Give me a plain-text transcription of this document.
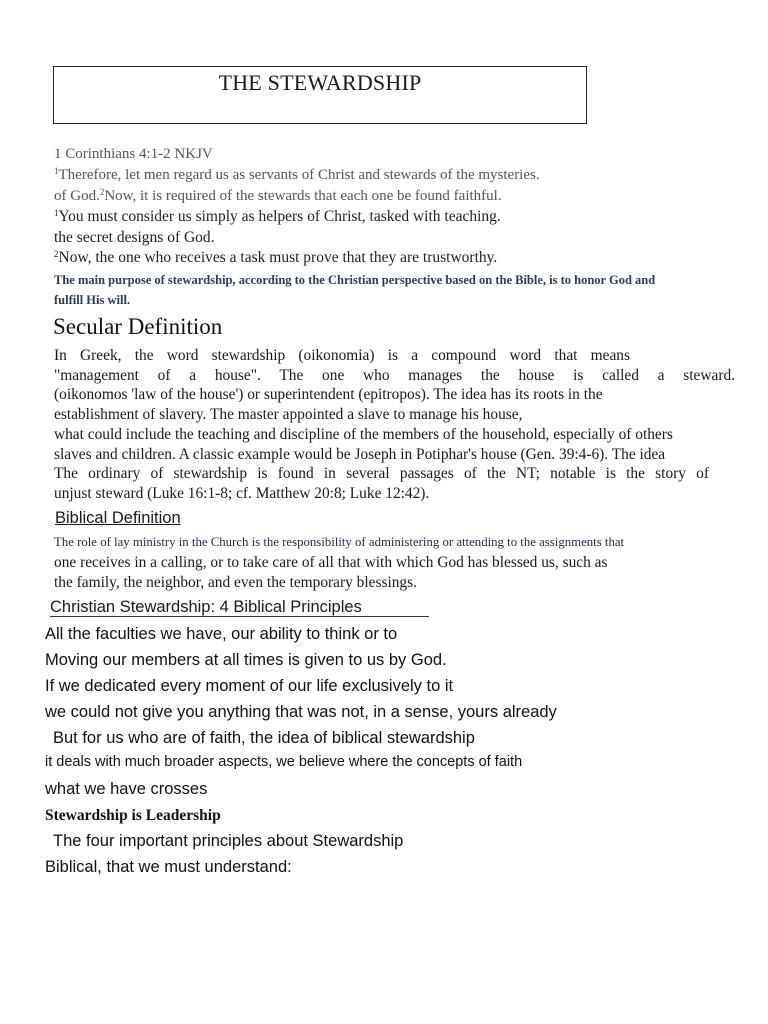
THE STEWARDSHIP
1 Corinthians 4:1-2 NKJV
$^1$Therefore, let men regard us as servants of Christ and stewards of the mysteries.
of God.$^2$Now, it is required of the stewards that each one be found faithful.
$^1$You must consider us simply as helpers of Christ, tasked with teaching.
the secret designs of God.
$^2$Now, the one who receives a task must prove that they are trustworthy.
The main purpose of stewardship, according to the Christian perspective based on the Bible, is to honor God and
fulfill His will.
Secular Definition
In Greek, the word stewardship (oikonomia) is a compound word that means
"management of a house". The one who manages the house is called a steward.
(oikonomos 'law of the house') or superintendent (epitropos). The idea has its roots in the
establishment of slavery. The master appointed a slave to manage his house,
what could include the teaching and discipline of the members of the household, especially of others
slaves and children. A classic example would be Joseph in Potiphar's house (Gen. 39:4-6). The idea
The ordinary of stewardship is found in several passages of the NT; notable is the story of
unjust steward (Luke 16:1-8; cf. Matthew 20:8; Luke 12:42).
Biblical Definition
The role of lay ministry in the Church is the responsibility of administering or attending to the assignments that
one receives in a calling, or to take care of all that with which God has blessed us, such as
the family, the neighbor, and even the temporary blessings.
Christian Stewardship: 4 Biblical Principles
All the faculties we have, our ability to think or to
Moving our members at all times is given to us by God.
If we dedicated every moment of our life exclusively to it
we could not give you anything that was not, in a sense, yours already
But for us who are of faith, the idea of biblical stewardship
it deals with much broader aspects, we believe where the concepts of faith
what we have crosses
Stewardship is Leadership
The four important principles about Stewardship
Biblical, that we must understand:
